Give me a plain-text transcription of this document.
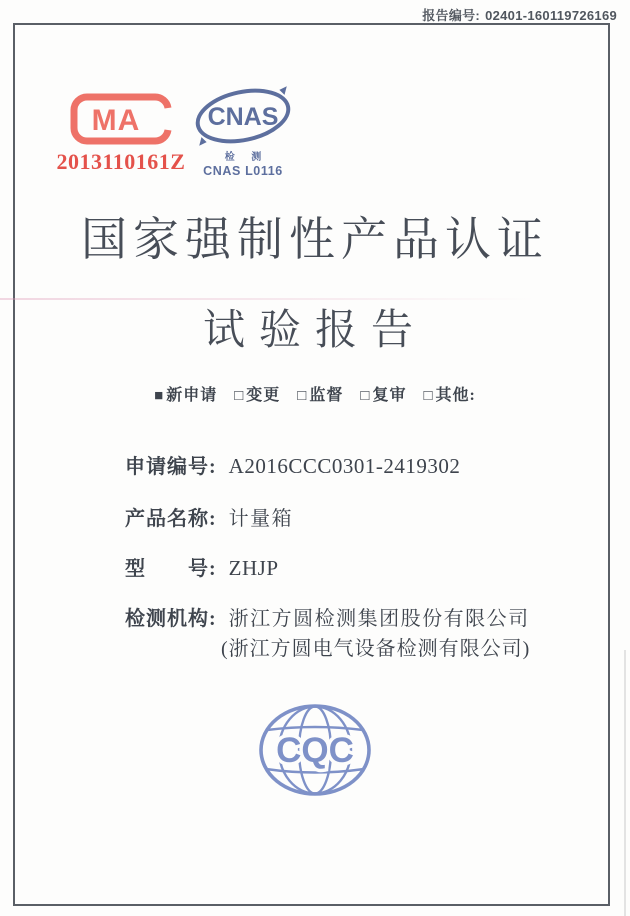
报告编号: 02401-160119726169
MA
2013110161Z
CNAS
检 测
CNAS L0116
国家强制性产品认证
试验报告
■ 新申请 □ 变更 □ 监督 □ 复审 □ 其他:
申请编号: A2016CCC0301-2419302
产品名称: 计量箱
型　　号: ZHJP
检测机构: 浙江方圆检测集团股份有限公司
(浙江方圆电气设备检测有限公司)
CQC
